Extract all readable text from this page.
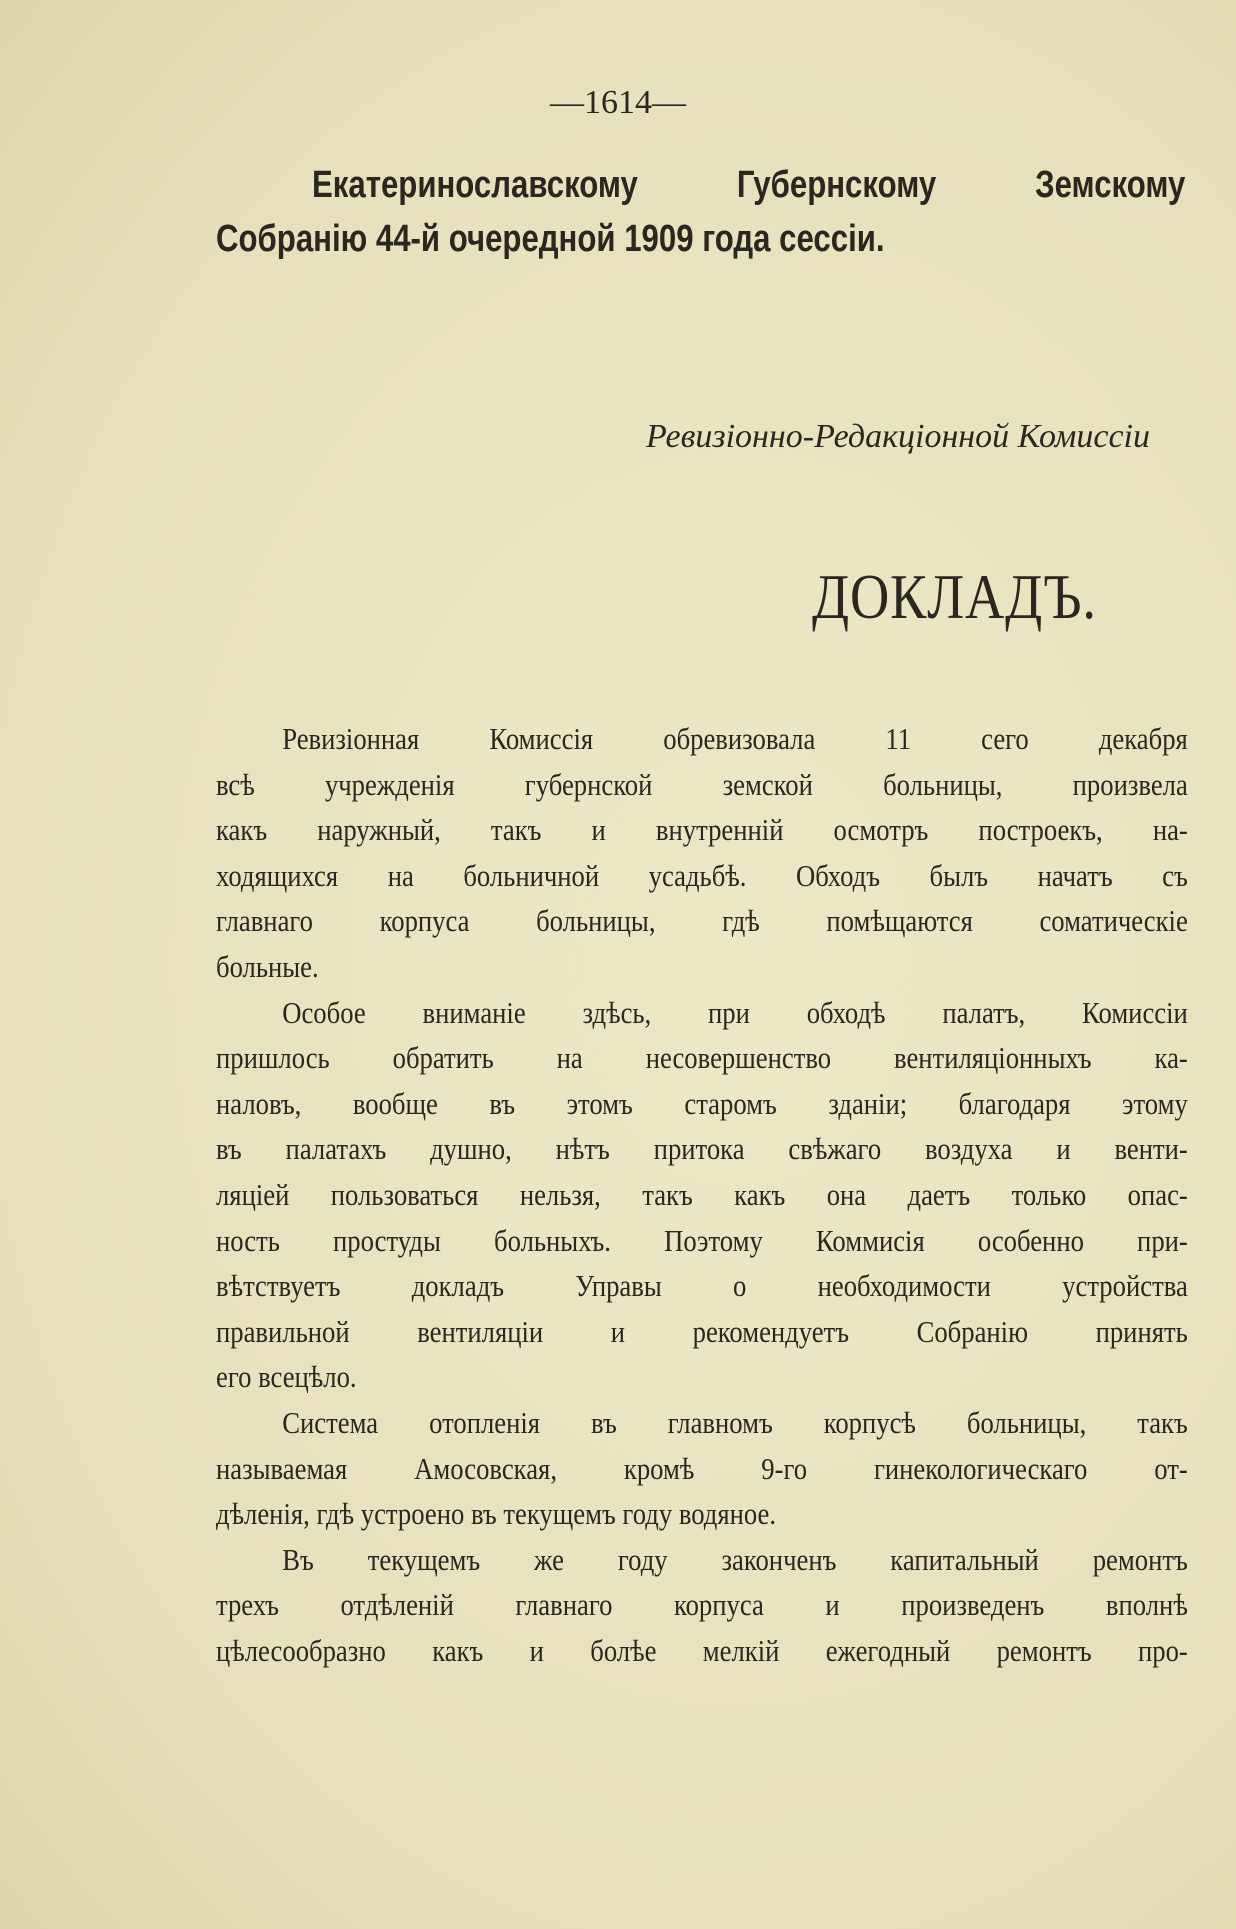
—1614—
Екатеринославскому Губернскому Земскому
Собранію 44-й очередной 1909 года сессіи.
Ревизіонно-Редакціонной Комиссіи
ДОКЛАДЪ.
Ревизіонная Комиссія обревизовала 11 сего декабря
всѣ учрежденія губернской земской больницы, произвела
какъ наружный, такъ и внутренній осмотръ построекъ, на-
ходящихся на больничной усадьбѣ. Обходъ былъ начатъ съ
главнаго корпуса больницы, гдѣ помѣщаются соматическіе
больные.
Особое вниманіе здѣсь, при обходѣ палатъ, Комиссіи
пришлось обратить на несовершенство вентиляціонныхъ ка-
наловъ, вообще въ этомъ старомъ зданіи; благодаря этому
въ палатахъ душно, нѣтъ притока свѣжаго воздуха и венти-
ляціей пользоваться нельзя, такъ какъ она даетъ только опас-
ность простуды больныхъ. Поэтому Коммисія особенно при-
вѣтствуетъ докладъ Управы о необходимости устройства
правильной вентиляціи и рекомендуетъ Собранію принять
его всецѣло.
Система отопленія въ главномъ корпусѣ больницы, такъ
называемая Амосовская, кромѣ 9-го гинекологическаго от-
дѣленія, гдѣ устроено въ текущемъ году водяное.
Въ текущемъ же году законченъ капитальный ремонтъ
трехъ отдѣленій главнаго корпуса и произведенъ вполнѣ
цѣлесообразно какъ и болѣе мелкій ежегодный ремонтъ про-
